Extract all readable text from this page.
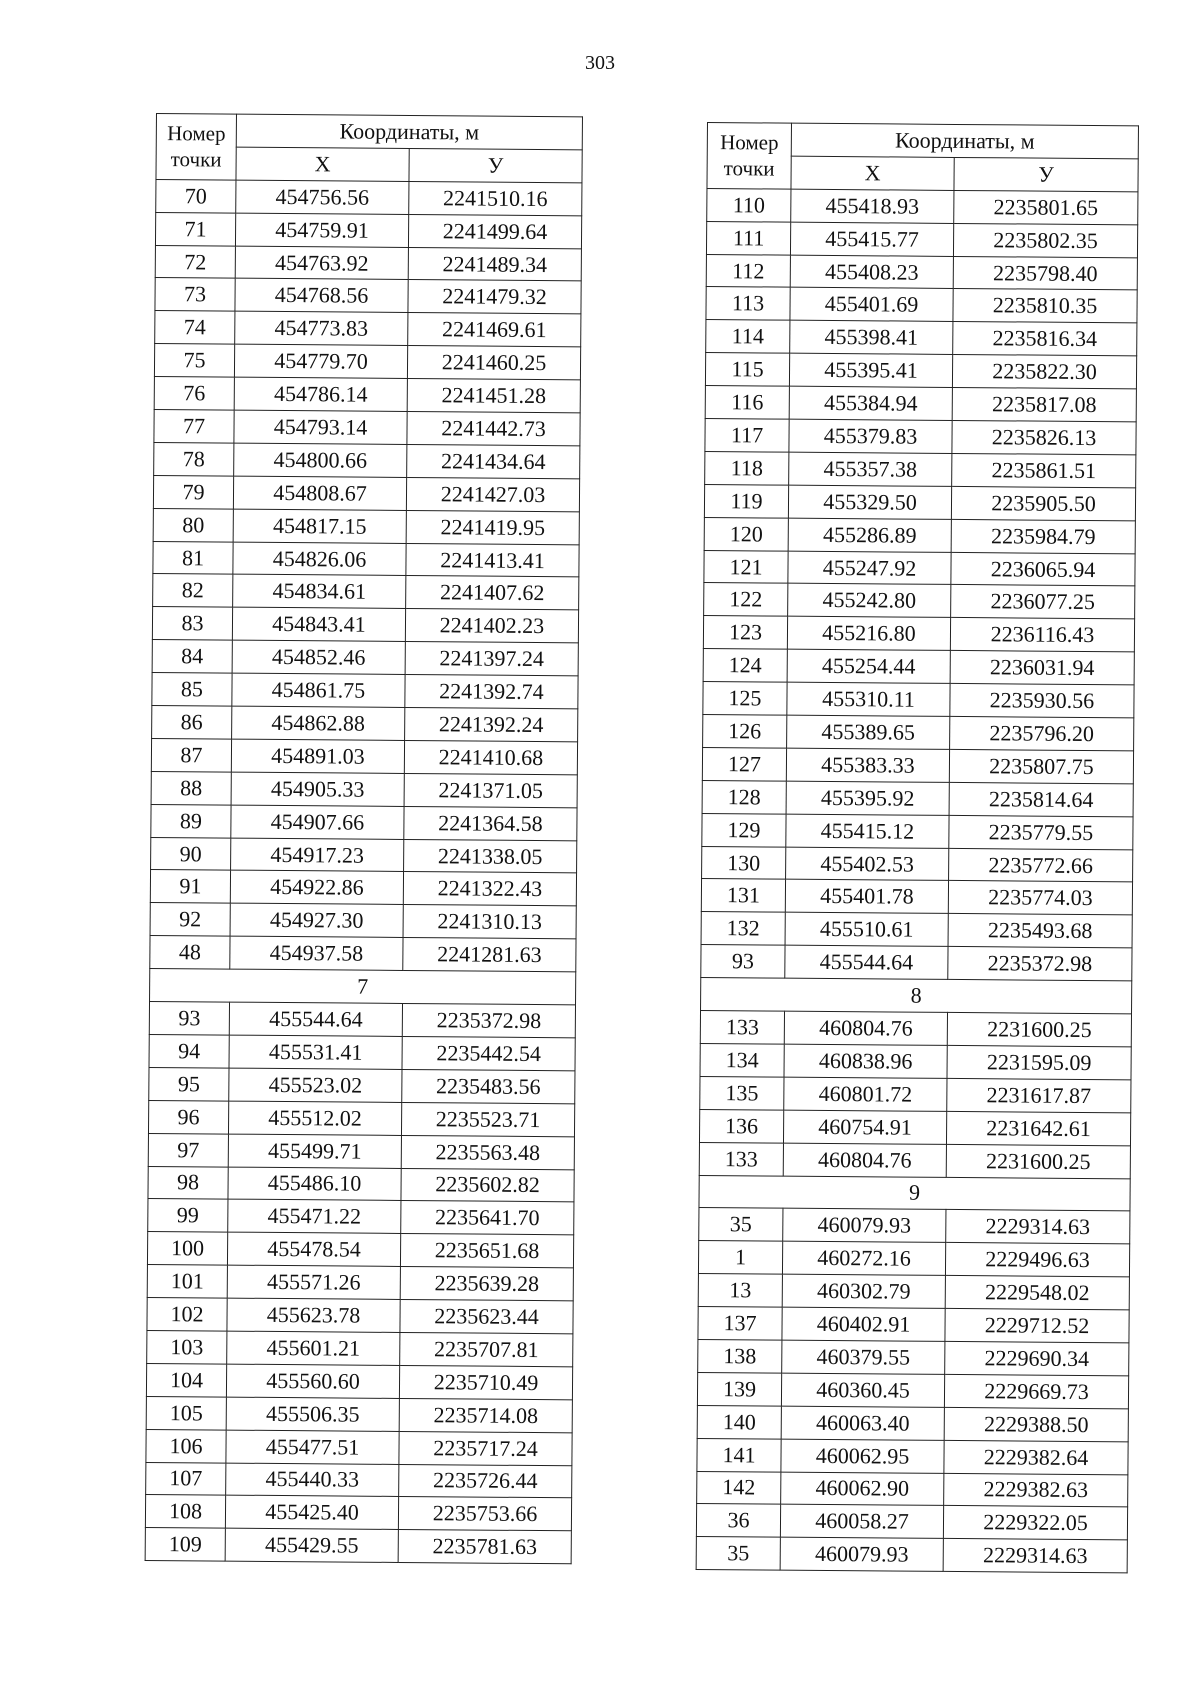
303
Номер
точки	Координаты, м	
	X	У
70	454756.56	2241510.16
71	454759.91	2241499.64
72	454763.92	2241489.34
73	454768.56	2241479.32
74	454773.83	2241469.61
75	454779.70	2241460.25
76	454786.14	2241451.28
77	454793.14	2241442.73
78	454800.66	2241434.64
79	454808.67	2241427.03
80	454817.15	2241419.95
81	454826.06	2241413.41
82	454834.61	2241407.62
83	454843.41	2241402.23
84	454852.46	2241397.24
85	454861.75	2241392.74
86	454862.88	2241392.24
87	454891.03	2241410.68
88	454905.33	2241371.05
89	454907.66	2241364.58
90	454917.23	2241338.05
91	454922.86	2241322.43
92	454927.30	2241310.13
48	454937.58	2241281.63
7		
93	455544.64	2235372.98
94	455531.41	2235442.54
95	455523.02	2235483.56
96	455512.02	2235523.71
97	455499.71	2235563.48
98	455486.10	2235602.82
99	455471.22	2235641.70
100	455478.54	2235651.68
101	455571.26	2235639.28
102	455623.78	2235623.44
103	455601.21	2235707.81
104	455560.60	2235710.49
105	455506.35	2235714.08
106	455477.51	2235717.24
107	455440.33	2235726.44
108	455425.40	2235753.66
109	455429.55	2235781.63
Номер
точки	Координаты, м	
	X	У
110	455418.93	2235801.65
111	455415.77	2235802.35
112	455408.23	2235798.40
113	455401.69	2235810.35
114	455398.41	2235816.34
115	455395.41	2235822.30
116	455384.94	2235817.08
117	455379.83	2235826.13
118	455357.38	2235861.51
119	455329.50	2235905.50
120	455286.89	2235984.79
121	455247.92	2236065.94
122	455242.80	2236077.25
123	455216.80	2236116.43
124	455254.44	2236031.94
125	455310.11	2235930.56
126	455389.65	2235796.20
127	455383.33	2235807.75
128	455395.92	2235814.64
129	455415.12	2235779.55
130	455402.53	2235772.66
131	455401.78	2235774.03
132	455510.61	2235493.68
93	455544.64	2235372.98
8		
133	460804.76	2231600.25
134	460838.96	2231595.09
135	460801.72	2231617.87
136	460754.91	2231642.61
133	460804.76	2231600.25
9		
35	460079.93	2229314.63
1	460272.16	2229496.63
13	460302.79	2229548.02
137	460402.91	2229712.52
138	460379.55	2229690.34
139	460360.45	2229669.73
140	460063.40	2229388.50
141	460062.95	2229382.64
142	460062.90	2229382.63
36	460058.27	2229322.05
35	460079.93	2229314.63
